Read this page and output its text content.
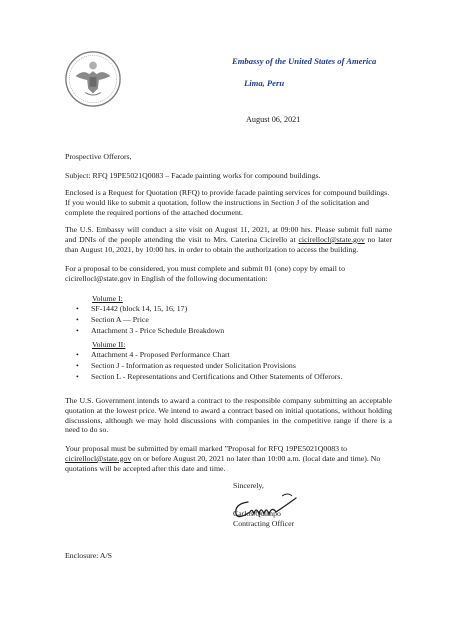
Embassy of the United States of America
Lima, Peru
August 06, 2021

Prospective Offerors,

Subject: RFQ 19PE5021Q0083 – Facade painting works for compound buildings.

Enclosed is a Request for Quotation (RFQ) to provide facade painting services for compound buildings. If you would like to submit a quotation, follow the instructions in Section J of the solicitation and complete the required portions of the attached document.

The U.S. Embassy will conduct a site visit on August 11, 2021, at 09:00 hrs. Please submit full name and DNIs of the people attending the visit to Mrs. Caterina Cicirello at cicirellocl@state.gov no later than August 10, 2021, by 10:00 hrs. in order to obtain the authorization to access the building.

For a proposal to be considered, you must complete and submit 01 (one) copy by email to cicirellocl@state.gov in English of the following documentation:

Volume I:
• SF-1442 (block 14, 15, 16, 17)
• Section A — Price
• Attachment 3 - Price Schedule Breakdown
Volume II:
• Attachment 4 - Proposed Performance Chart
• Section J - Information as requested under Solicitation Provisions
• Section L - Representations and Certifications and Other Statements of Offerors.

The U.S. Government intends to award a contract to the responsible company submitting an acceptable quotation at the lowest price. We intend to award a contract based on initial quotations, without holding discussions, although we may hold discussions with companies in the competitive range if there is a need to do so.

Your proposal must be submitted by email marked ”Proposal for RFQ 19PE5021Q0083 to cicirellocl@state.gov on or before August 20, 2021 no later than 10:00 a.m. (local date and time). No quotations will be accepted after this date and time.

Sincerely,
Carlos Quimpo
Contracting Officer

Enclosure: A/S
